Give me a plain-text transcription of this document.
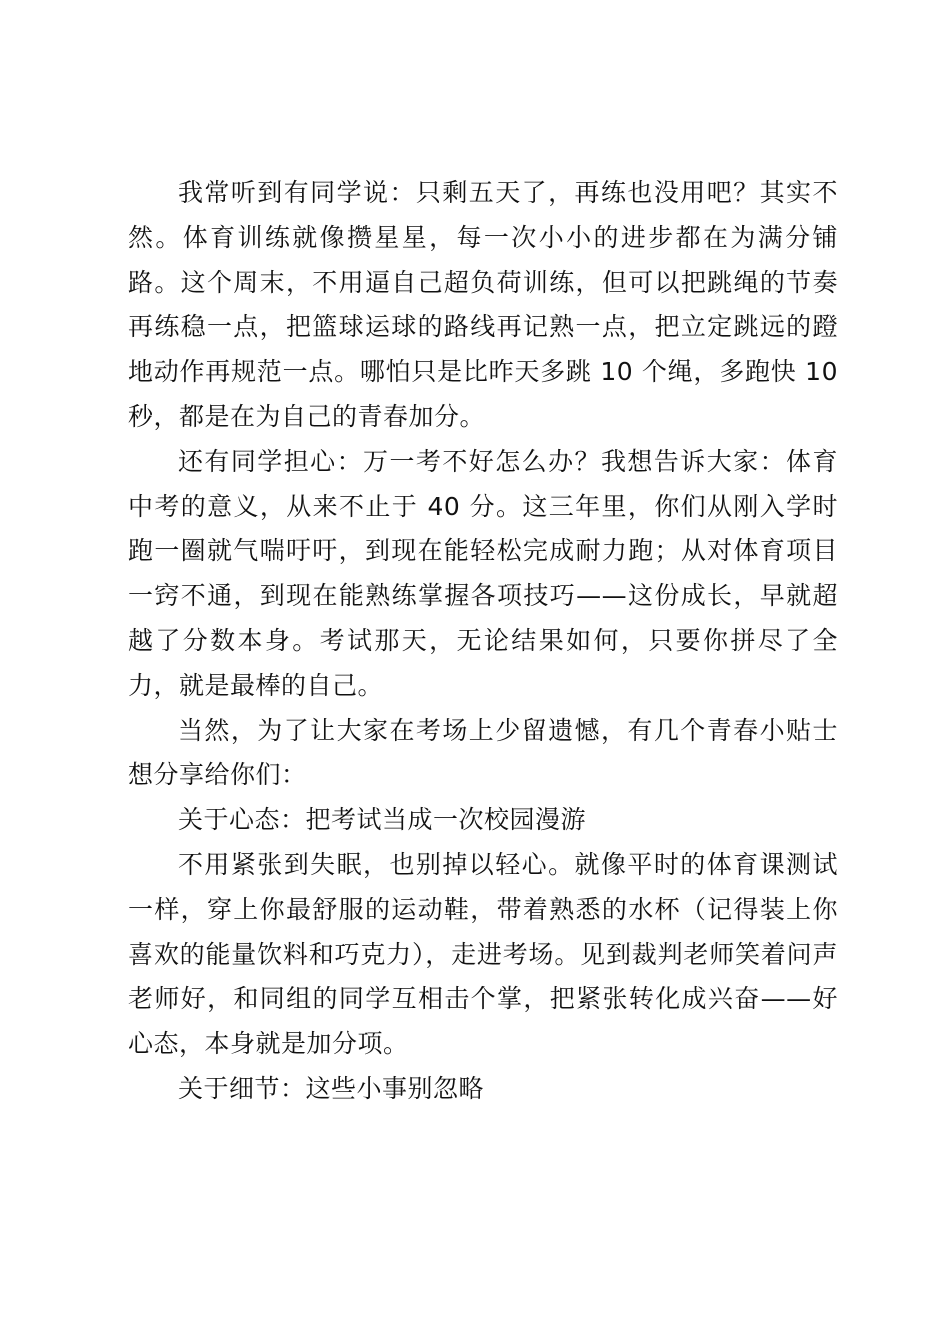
我常听到有同学说：只剩五天了，再练也没用吧？其实不然。体育训练就像攒星星，每一次小小的进步都在为满分铺路。这个周末，不用逼自己超负荷训练，但可以把跳绳的节奏再练稳一点，把篮球运球的路线再记熟一点，把立定跳远的蹬地动作再规范一点。哪怕只是比昨天多跳 10 个绳，多跑快 10 秒，都是在为自己的青春加分。

还有同学担心：万一考不好怎么办？我想告诉大家：体育中考的意义，从来不止于 40 分。这三年里，你们从刚入学时跑一圈就气喘吁吁，到现在能轻松完成耐力跑；从对体育项目一窍不通，到现在能熟练掌握各项技巧——这份成长，早就超越了分数本身。考试那天，无论结果如何，只要你拼尽了全力，就是最棒的自己。

当然，为了让大家在考场上少留遗憾，有几个青春小贴士想分享给你们：

关于心态：把考试当成一次校园漫游

不用紧张到失眠，也别掉以轻心。就像平时的体育课测试一样，穿上你最舒服的运动鞋，带着熟悉的水杯（记得装上你喜欢的能量饮料和巧克力），走进考场。见到裁判老师笑着问声老师好，和同组的同学互相击个掌，把紧张转化成兴奋——好心态，本身就是加分项。

关于细节：这些小事别忽略
